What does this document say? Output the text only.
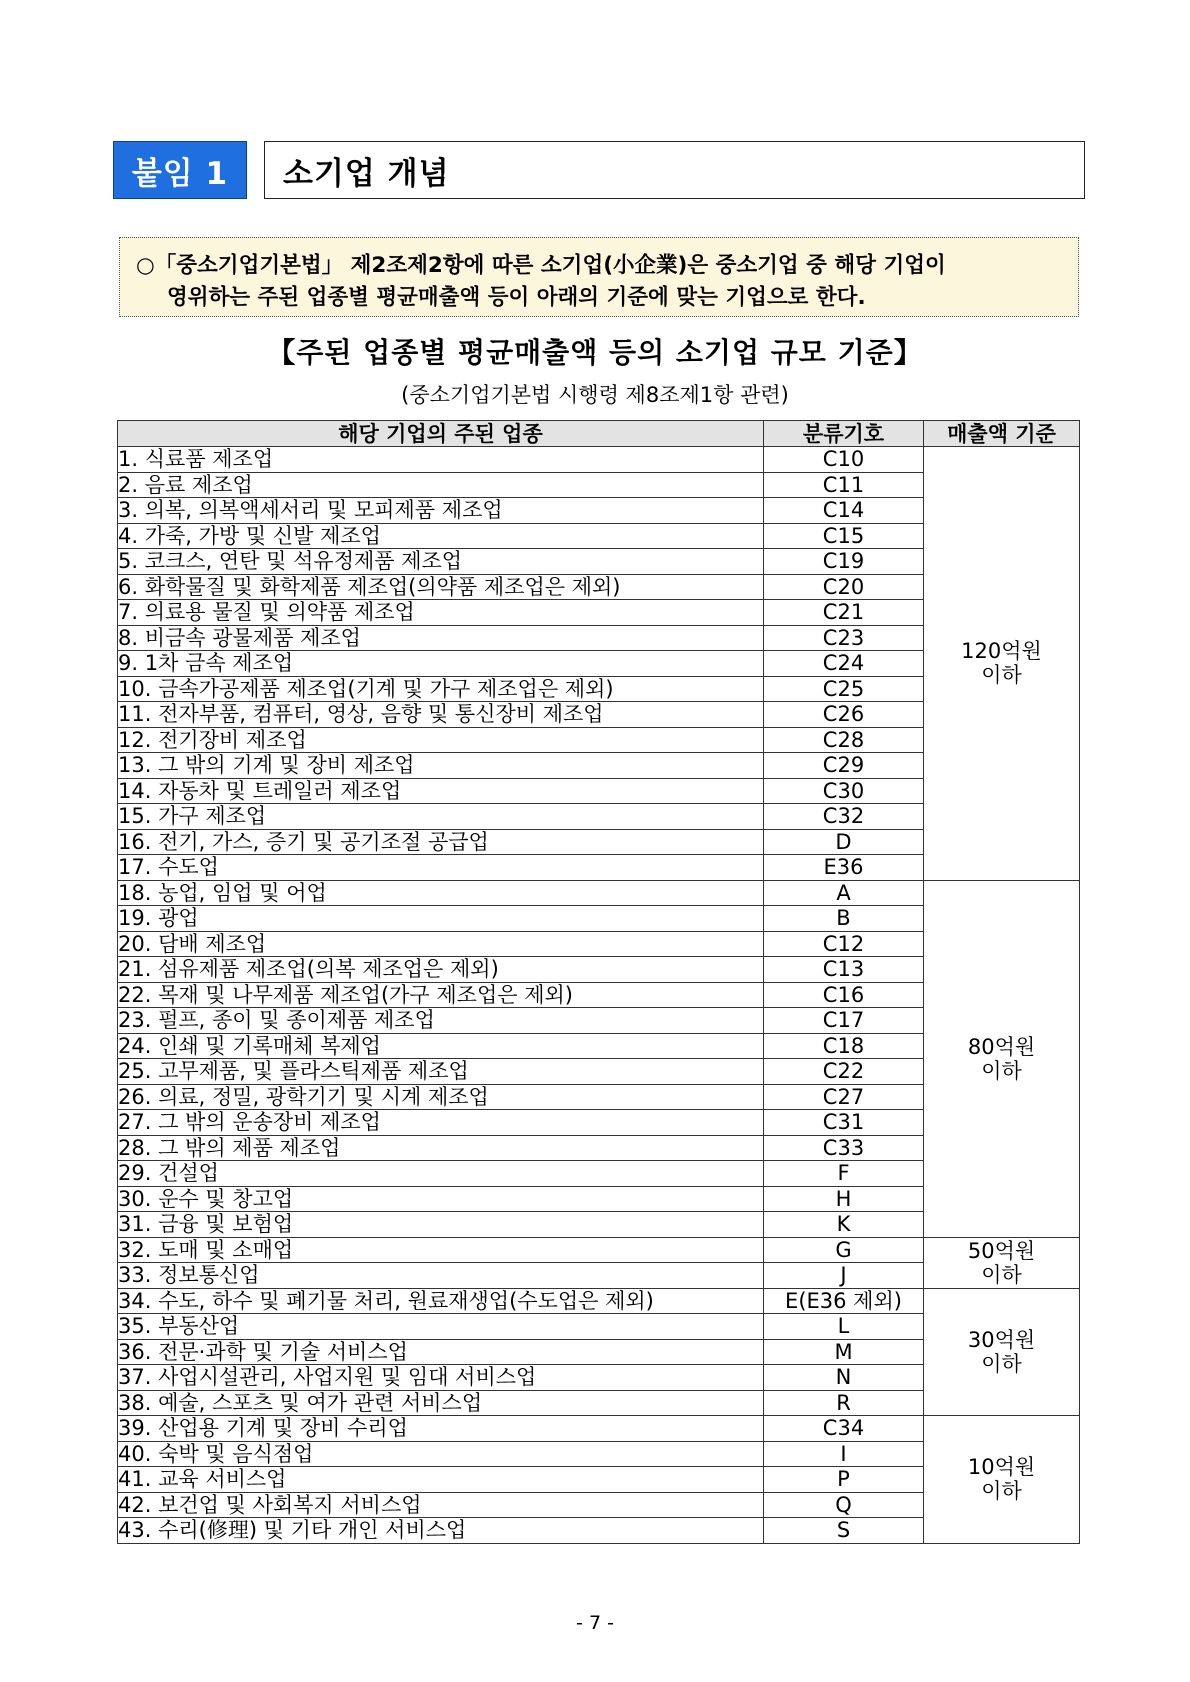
붙임 1	소기업 개념
○「중소기업기본법」 제2조제2항에 따른 소기업(小企業)은 중소기업 중 해당 기업이
영위하는 주된 업종별 평균매출액 등이 아래의 기준에 맞는 기업으로 한다.
【주된 업종별 평균매출액 등의 소기업 규모 기준】
(중소기업기본법 시행령 제8조제1항 관련)
해당 기업의 주된 업종	분류기호	매출액 기준
1. 식료품 제조업	C10	120억원
이하

2. 음료 제조업	C11	
3. 의복, 의복액세서리 및 모피제품 제조업	C14	
4. 가죽, 가방 및 신발 제조업	C15	
5. 코크스, 연탄 및 석유정제품 제조업	C19	
6. 화학물질 및 화학제품 제조업(의약품 제조업은 제외)	C20	
7. 의료용 물질 및 의약품 제조업	C21	
8. 비금속 광물제품 제조업	C23	
9. 1차 금속 제조업	C24	
10. 금속가공제품 제조업(기계 및 가구 제조업은 제외)	C25	
11. 전자부품, 컴퓨터, 영상, 음향 및 통신장비 제조업	C26	
12. 전기장비 제조업	C28	
13. 그 밖의 기계 및 장비 제조업	C29	
14. 자동차 및 트레일러 제조업	C30	
15. 가구 제조업	C32	
16. 전기, 가스, 증기 및 공기조절 공급업	D	
17. 수도업	E36	
18. 농업, 임업 및 어업	A	80억원
이하

19. 광업	B	
20. 담배 제조업	C12	
21. 섬유제품 제조업(의복 제조업은 제외)	C13	
22. 목재 및 나무제품 제조업(가구 제조업은 제외)	C16	
23. 펄프, 종이 및 종이제품 제조업	C17	
24. 인쇄 및 기록매체 복제업	C18	
25. 고무제품, 및 플라스틱제품 제조업	C22	
26. 의료, 정밀, 광학기기 및 시계 제조업	C27	
27. 그 밖의 운송장비 제조업	C31	
28. 그 밖의 제품 제조업	C33	
29. 건설업	F	
30. 운수 및 창고업	H	
31. 금융 및 보험업	K	
32. 도매 및 소매업	G	50억원
이하

33. 정보통신업	J	
34. 수도, 하수 및 폐기물 처리, 원료재생업(수도업은 제외)	E(E36 제외)	30억원
이하

35. 부동산업	L	
36. 전문·과학 및 기술 서비스업	M	
37. 사업시설관리, 사업지원 및 임대 서비스업	N	
38. 예술, 스포츠 및 여가 관련 서비스업	R	
39. 산업용 기계 및 장비 수리업	C34	10억원
이하

40. 숙박 및 음식점업	I	
41. 교육 서비스업	P	
42. 보건업 및 사회복지 서비스업	Q	
43. 수리(修理) 및 기타 개인 서비스업	S	
- 7 -
